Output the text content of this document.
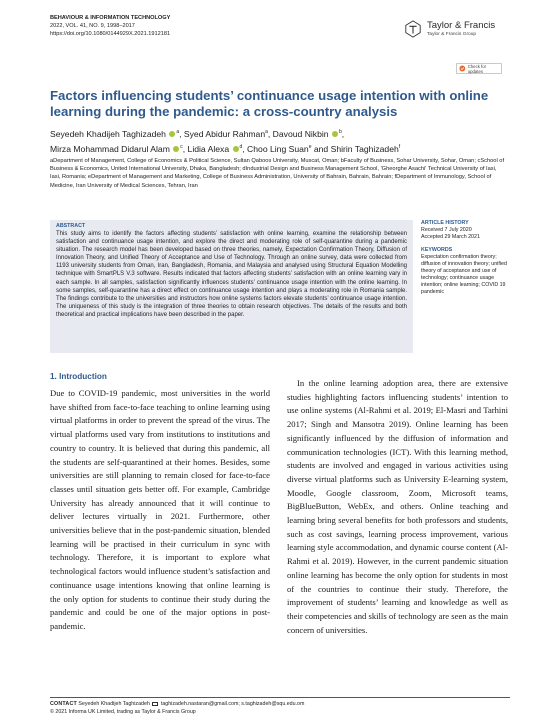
BEHAVIOUR & INFORMATION TECHNOLOGY
2022, VOL. 41, NO. 9, 1998–2017
https://doi.org/10.1080/0144929X.2021.1912181
Taylor & Francis
Taylor & Francis Group
Check for updates
Factors influencing students’ continuance usage intention with online learning during the pandemic: a cross-country analysis
Seyedeh Khadijeh Taghizadeh $^a$, Syed Abidur Rahman$^a$, Davoud Nikbin $^b$,
Mirza Mohammad Didarul Alam $^c$, Lidia Alexa $^d$, Choo Ling Suan$^e$ and Shirin Taghizadeh$^f$
aDepartment of Management, College of Economics & Political Science, Sultan Qaboos University, Muscat, Oman; bFaculty of Business, Sohar University, Sohar, Oman; cSchool of Business & Economics, United International University, Dhaka, Bangladesh; dIndustrial Design and Business Management School, 'Gheorghe Asachi' Technical University of Iasi, Iasi, Romania; eDepartment of Management and Marketing, College of Business Administration, University of Bahrain, Bahrain, Bahrain; fDepartment of Immunology, School of Medicine, Iran University of Medical Sciences, Tehran, Iran
ABSTRACT
This study aims to identify the factors affecting students’ satisfaction with online learning, examine the relationship between satisfaction and continuance usage intention, and explore the direct and moderating role of self-quarantine during a pandemic situation. The research model has been developed based on three theories, namely, Expectation Confirmation Theory, Diffusion of Innovation Theory, and Unified Theory of Acceptance and Use of Technology. Through an online survey, data were collected from 1193 university students from Oman, Iran, Bangladesh, Romania, and Malaysia and analysed using Structural Equation Modelling technique with SmartPLS V.3 software. Results indicated that factors affecting students’ satisfaction with an online learning vary in each sample. In all samples, satisfaction significantly influences students’ continuance usage intention with the online learning. In some samples, self-quarantine has a direct effect on continuance usage intention and plays a moderating role in Romania sample. The findings contribute to the universities and instructors how online systems factors elevate students’ continuance usage intention. The uniqueness of this study is the integration of three theories to obtain research objectives. The details of the results and both theoretical and practical implications have been described in the paper.
ARTICLE HISTORY
Received 7 July 2020
Accepted 29 March 2021
KEYWORDS
Expectation confirmation theory; diffusion of innovation theory; unified theory of acceptance and use of technology; continuance usage intention; online learning; COVID 19 pandemic
1. Introduction
Due to COVID-19 pandemic, most universities in the world have shifted from face-to-face teaching to online learning using virtual platforms in order to prevent the spread of the virus. The virtual platforms used vary from institutions to institutions and country to country. It is believed that during this pandemic, all the students are self-quarantined at their homes. Besides, some universities are still planning to remain closed for face-to-face classes until situation gets better off. For example, Cambridge University has already announced that it will continue to deliver lectures virtually in 2021. Furthermore, other universities believe that in the post-pandemic situation, blended learning will be practised in their curriculum in sync with technology. Therefore, it is important to explore what technological factors would influence student’s satisfaction and continuance usage intentions knowing that online learning is the only option for students to continue their study during the pandemic and could be one of the major options in post-pandemic.
In the online learning adoption area, there are extensive studies highlighting factors influencing students’ intention to use online systems (Al-Rahmi et al. 2019; El-Masri and Tarhini 2017; Singh and Mansotra 2019). Online learning has been significantly influenced by the diffusion of information and communication technologies (ICT). With this learning method, students are involved and engaged in various activities using diverse virtual platforms such as University E-learning system, Moodle, Google classroom, Zoom, Microsoft teams, BigBlueButton, WebEx, and others. Online teaching and learning bring several benefits for both professors and students, such as cost savings, learning process improvement, various learning style accommodation, and dynamic course content (Al-Rahmi et al. 2019). However, in the current pandemic situation online learning has become the only option for students in most of the countries to continue their study. Therefore, the improvement of students’ learning and knowledge as well as their competencies and skills of technology are seen as the main concern of universities.
CONTACT Seyedeh Khadijeh Taghizadeh taghizadeh.nastaran@gmail.com; s.taghizadeh@squ.edu.om
© 2021 Informa UK Limited, trading as Taylor & Francis Group
